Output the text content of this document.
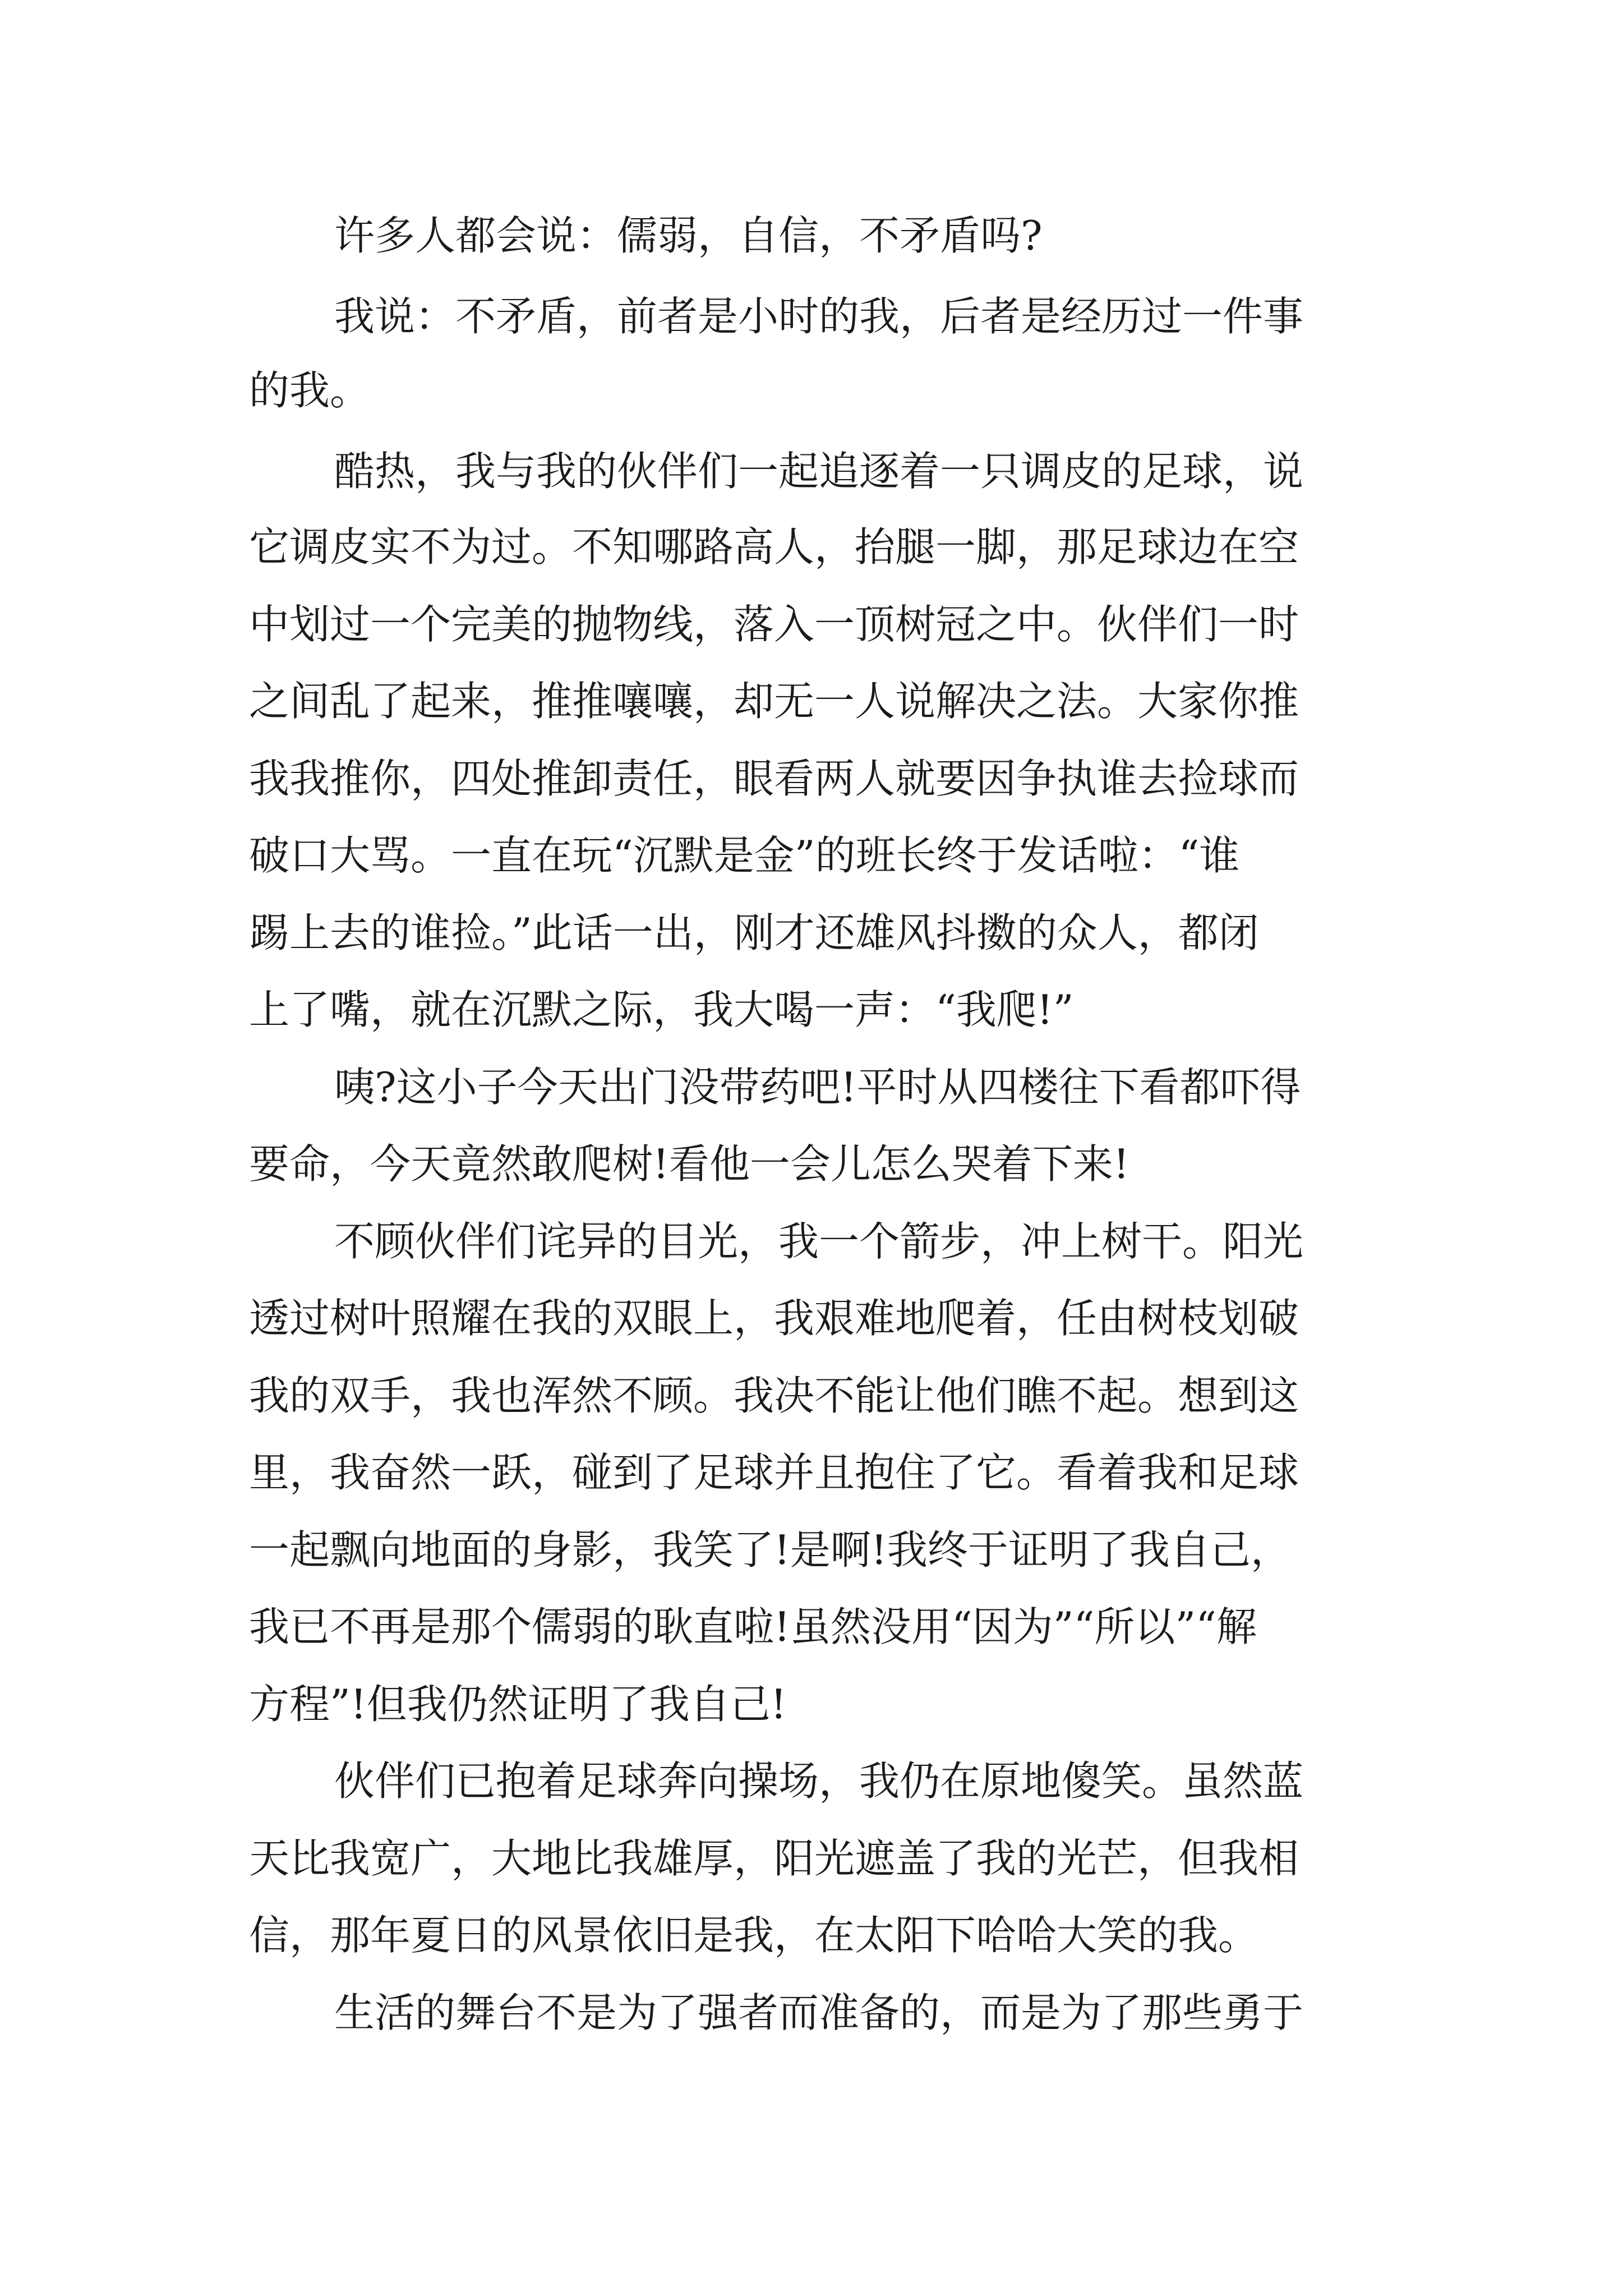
许多人都会说：儒弱，自信，不矛盾吗?
我说：不矛盾，前者是小时的我，后者是经历过一件事
的我。
酷热，我与我的伙伴们一起追逐着一只调皮的足球，说
它调皮实不为过。不知哪路高人，抬腿一脚，那足球边在空
中划过一个完美的抛物线，落入一顶树冠之中。伙伴们一时
之间乱了起来，推推嚷嚷，却无一人说解决之法。大家你推
我我推你，四处推卸责任，眼看两人就要因争执谁去捡球而
破口大骂。一直在玩“沉默是金”的班长终于发话啦：“谁
踢上去的谁捡。”此话一出，刚才还雄风抖擞的众人，都闭
上了嘴，就在沉默之际，我大喝一声：“我爬!”
咦?这小子今天出门没带药吧!平时从四楼往下看都吓得
要命，今天竟然敢爬树!看他一会儿怎么哭着下来!
不顾伙伴们诧异的目光，我一个箭步，冲上树干。阳光
透过树叶照耀在我的双眼上，我艰难地爬着，任由树枝划破
我的双手，我也浑然不顾。我决不能让他们瞧不起。想到这
里，我奋然一跃，碰到了足球并且抱住了它。看着我和足球
一起飘向地面的身影，我笑了!是啊!我终于证明了我自己，
我已不再是那个儒弱的耿直啦!虽然没用“因为”“所以”“解
方程”!但我仍然证明了我自己!
伙伴们已抱着足球奔向操场，我仍在原地傻笑。虽然蓝
天比我宽广，大地比我雄厚，阳光遮盖了我的光芒，但我相
信，那年夏日的风景依旧是我，在太阳下哈哈大笑的我。
生活的舞台不是为了强者而准备的，而是为了那些勇于
